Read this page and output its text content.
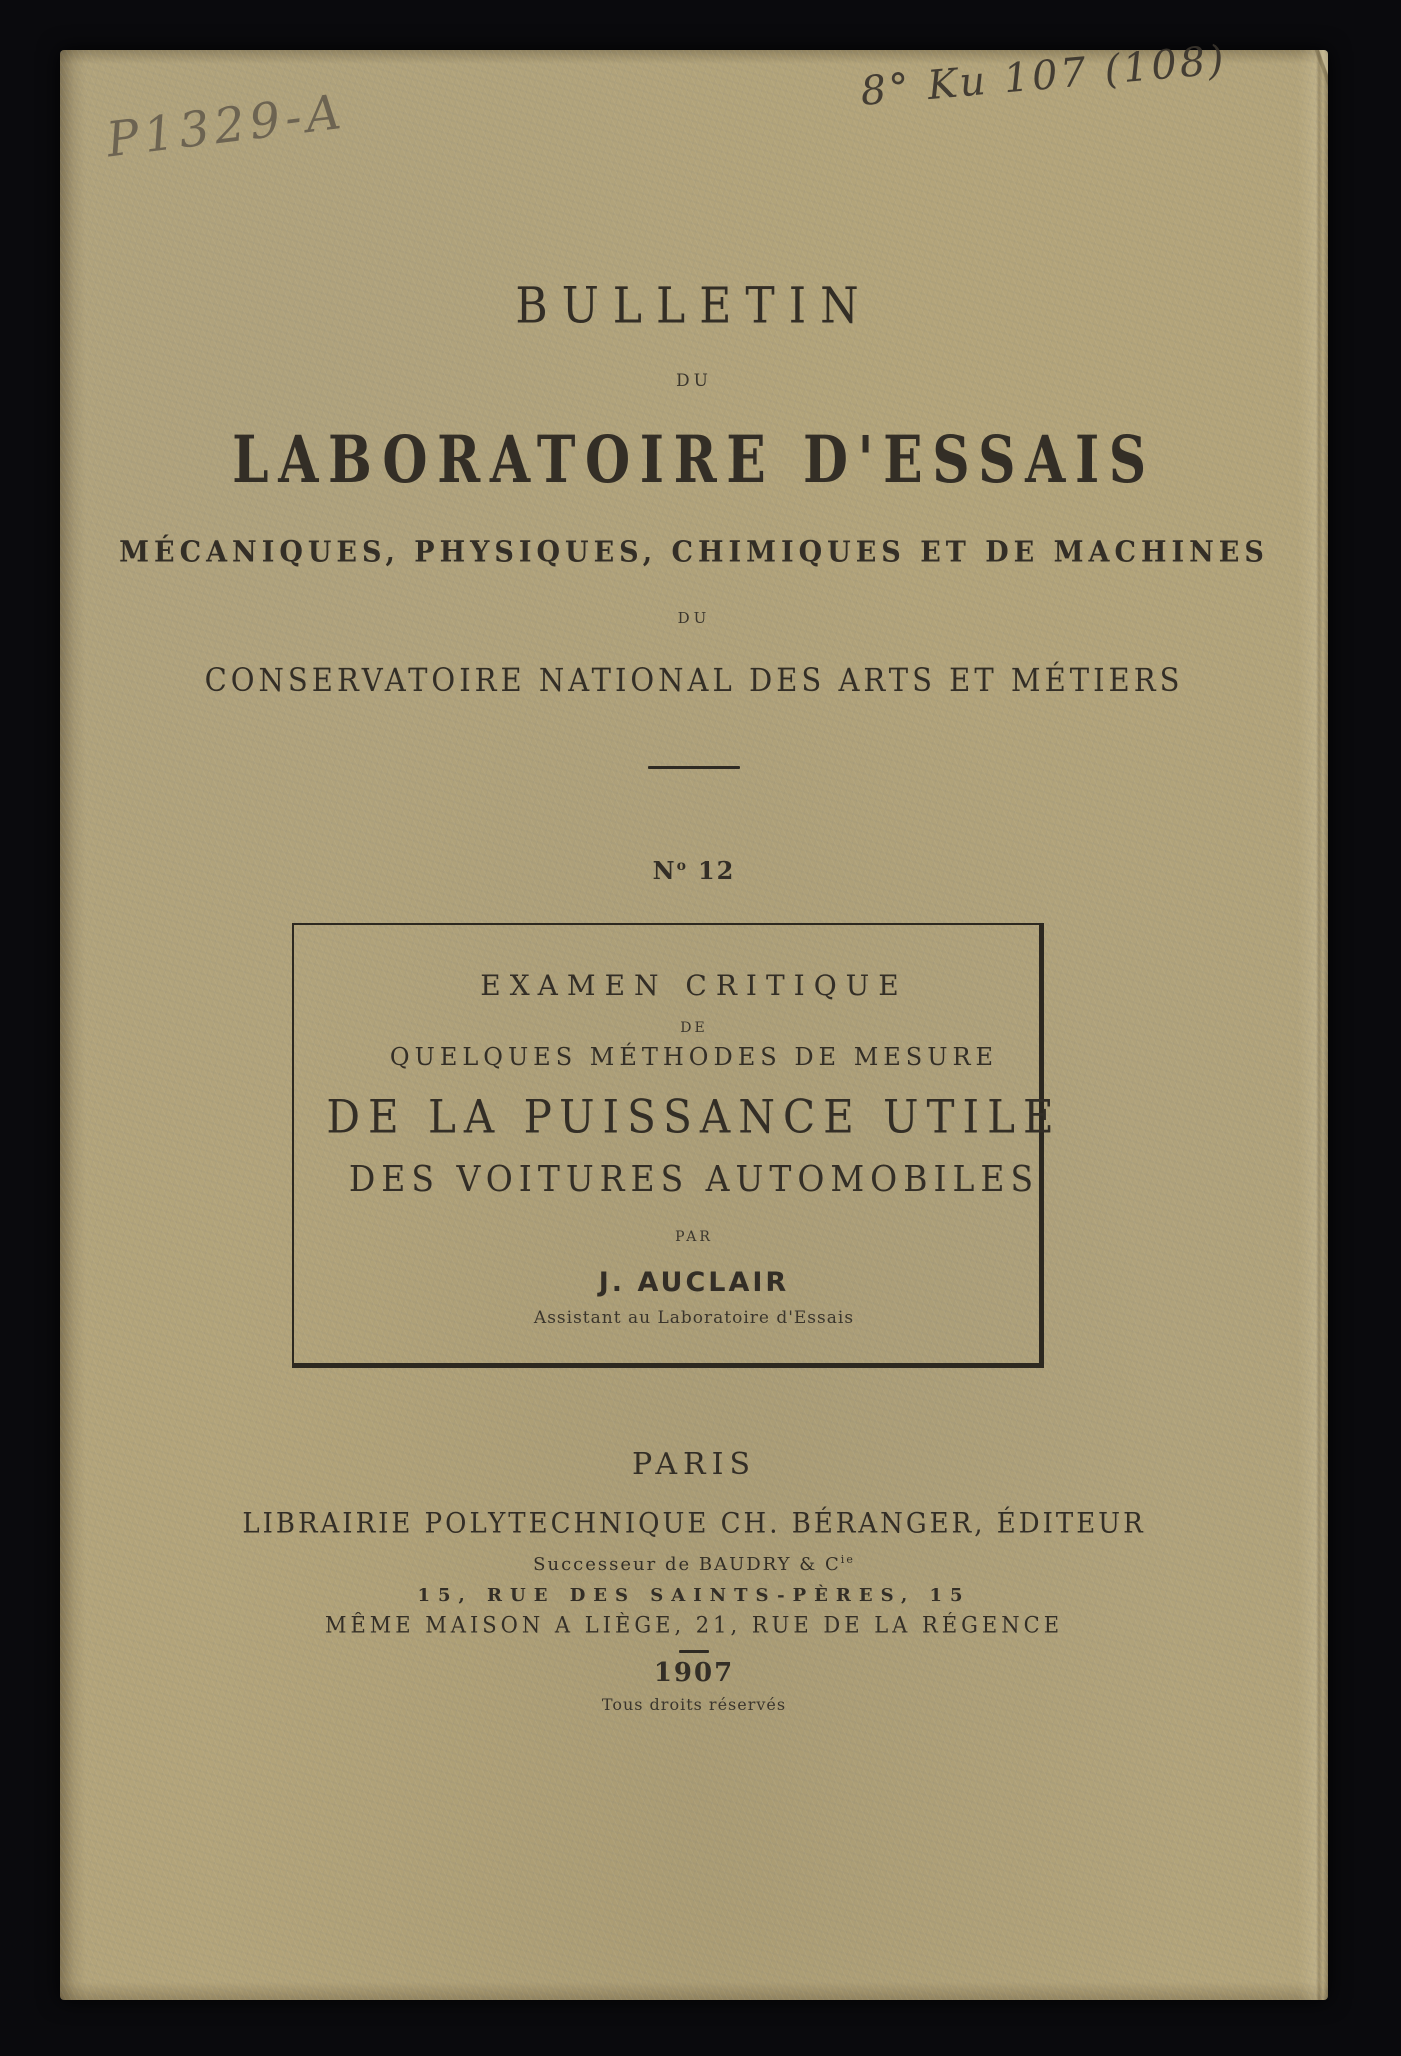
P1329-A
8° Ku 107 (108)
BULLETIN
DU
LABORATOIRE D'ESSAIS
MÉCANIQUES, PHYSIQUES, CHIMIQUES ET DE MACHINES
DU
CONSERVATOIRE NATIONAL DES ARTS ET MÉTIERS
$N^o$ 12
EXAMEN CRITIQUE
DE
QUELQUES MÉTHODES DE MESURE
DE LA PUISSANCE UTILE
DES VOITURES AUTOMOBILES
PAR
J. AUCLAIR
Assistant au Laboratoire d'Essais
PARIS
LIBRAIRIE POLYTECHNIQUE CH. BÉRANGER, ÉDITEUR
Successeur de BAUDRY & $C^{ie}$
15, RUE DES SAINTS-PÈRES, 15
MÊME MAISON A LIÈGE, 21, RUE DE LA RÉGENCE
1907
Tous droits réservés
